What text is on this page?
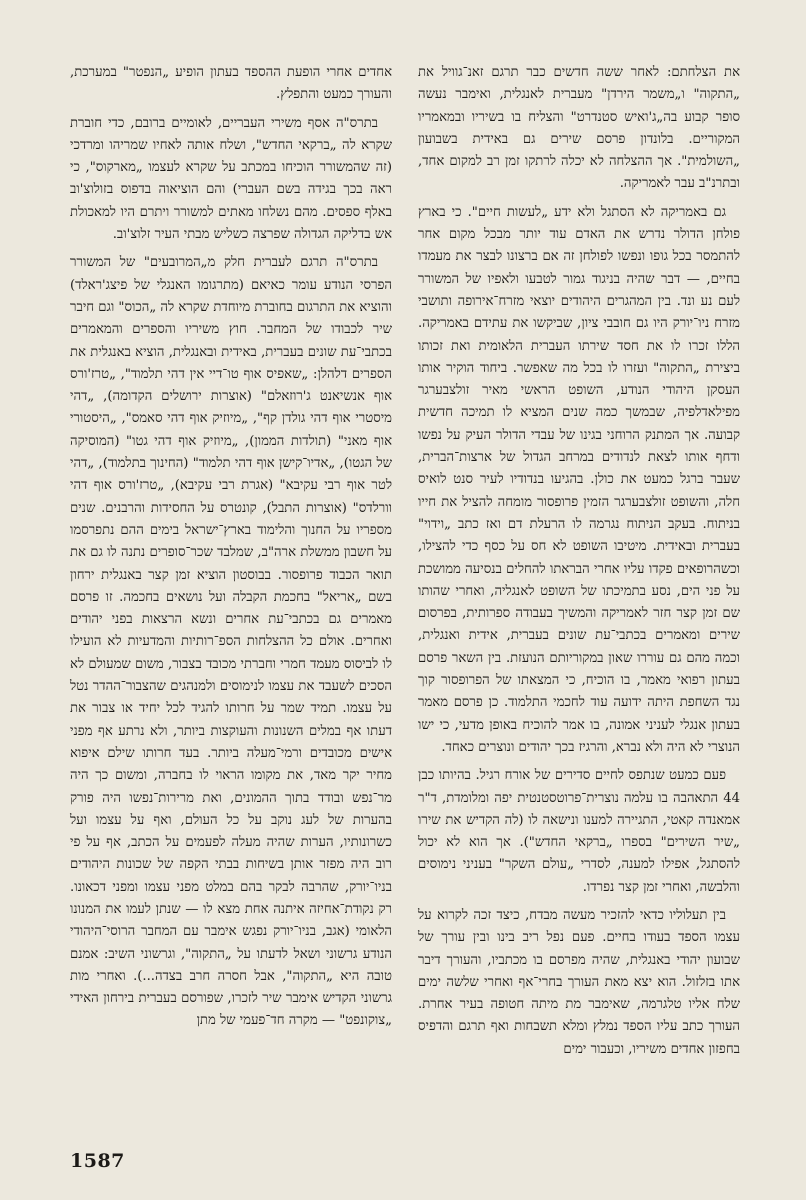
את הצלחתם: לאחר ששה חדשים כבר תרגם זאנ־גוויל את „התקוה" ו„משמר הירדן" מעברית לאנגלית, ואימבר נעשה סופר קבוע בה„ג'ואיש סטנדרט" והצליח בו בשיריו ובמאמריו המקוריים. בלונדון פרסם שירים גם באידית בשבועון „השולמית". אך ההצלחה לא יכלה לרתקו זמן רב למקום אחד, ובתרנ"ב עבר לאמריקה.

גם באמריקה לא הסתגל ולא ידע „לעשות חיים". כי בארץ פולחן הדולר נדרש את האדם עוד יותר מבכל מקום אחר להתמסר בכל גופו ונפשו לפולחן זה אם ברצונו לבצר את מעמדו בחיים, — דבר שהיה בניגוד גמור לטבעו ולאפיו של המשורר לעם נע ונד. בין המהגרים היהודים יוצאי מזרח־אירופה ותושבי מזרח ניו־יורק היו גם חובבי ציון, שביקשו את עתידם באמריקה. הללו זכרו לו את חסד שירתו העברית הלאומית ואת זכותו ביצירת „התקוה" ועזרו לו בכל מה שאפשר. ביחוד הוקיר אותו העסקן היהודי הנודע, השופט הראשי מאיר זולצבערגר מפילאדלפיה, שבמשך כמה שנים המציא לו תמיכה חדשית קבועה. אך המתנק הרוחני בגינו של עבדי הדולר העיק על נפשו ודחף אותו לצאת לנדודים במרחב הגדול של ארצות־הברית, שעבר ברגל כמעט את כולן. בהגיעו בנדודיו לעיר סנט לואיס חלה, והשופט זולצבערגר הזמין פרופסור מומחה להציל את חייו בניתוח. בעקב הניתוח נגרמה לו הרעלת דם ואז כתב „וידוי" בעברית ובאידית. מיטיבו השופט לא חס על כסף כדי להצילו, וכשהרופאים פקדו עליו אחרי הבראתו להחלים בנסיעה ממושכת על פני הים, נסע בתמיכתו של השופט לאנגליה, ואחרי שהותו שם זמן קצר חזר לאמריקה והמשיך בעבודה ספרותית, בפרסום שירים ומאמרים בכתבי־עת שונים בעברית, אידית ואנגלית, וכמה מהם גם עוררו שאון במקוריותם הנועזת. בין השאר פרסם בעתון רפואי מאמר, בו הוכיח, כי המצאתו של הפרופסור קוך נגד השחפת היתה ידועה עוד לחכמי התלמוד. כן פרסם מאמר בעתון אנגלי לעניני אמונה, בו אמר להוכיח באופן מדעי, כי ישו הנוצרי לא היה ולא נברא, והרגיז בכך יהודים ונוצרים כאחד.

פעם כמעט שנתפס לחיים סדירים של אורח רגיל. בהיותו כבן 44 התאהבה בו עלמה נוצרית־פרוטסטנטית יפה ומלומדת, ד"ר אמאנדה קאטי, התגיירה למענו ונישאה לו (לה הקדיש את שירו „שיר השירים" בספרו „ברקאי החדש"). אך הוא לא יכול להסתגל, אפילו למענה, לסדרי „עולם השקר" בעניני נימוסים והלבשה, ואחרי זמן קצר נפרדו.

בין תעלוליו כדאי להזכיר מעשה מבדח, כיצד זכה לקרוא על עצמו הספד בעודו בחיים. פעם נפל ריב בינו ובין עורך של שבועון יהודי באנגלית, שהיה מפרסם בו מכתביו, והעורך דיבר אתו בזלזול. הוא יצא מאת העורך בחרי־אף ואחרי שלשה ימים שלח אליו טלגרמה, שאימבר מת מיתה חטופה בעיר אחרת. העורך כתב עליו הספד נמלץ ומלא תשבחות ואף תרגם והדפיס בחפזון אחדים משיריו, וכעבור ימים

אחדים אחרי הופעת ההספד בעתון הופיע „הנפטר" במערכת, והעורך כמעט והתפלץ.

בתרס"ה אסף משירי העבריים, לאומיים ברובם, כדי חוברת שקרא לה „ברקאי החדש", ושלח אותה לאחיו שמריהו ומרדכי (זה שהמשורר הוכיחו במכתב על שקרא לעצמו „מארקוס", כי ראה בכך בגידה בשם העברי) והם הוציאוה בדפוס בזולוצ'וב באלף ספסים. מהם נשלחו מאתים למשורר ויתרם היו למאכולת אש בדליקה הגדולה שפרצה כשליש מבתי העיר זלוצ'וב.

בתרס"ה תרגם לעברית חלק מ„המרובעים" של המשורר הפרסי הנודע עומר כאיאם (מתרגומו האנגלי של פיצג'ראלד) והוציא את התרגום בחוברת מיוחדת שקרא לה „הכוס" וגם חיבר שיר לכבודו של המחבר. חוץ משיריו והספרים והמאמרים בכתבי־עת שונים בעברית, באידית ובאנגלית, הוציא באנגלית את הספרים דלהלן: „שאפיס אוף טו־דיי אין דהי תלמוד", „טרז'ורס אוף אנשיאנט ג'רוזאלם" (אוצרות ירושלים הקדומה), „דהי מיסטרי אוף דהי גולדן קף", „מיוזיק אוף דהי סאמס", „היסטורי אוף מאני" (תולדות הממון), „מיוזיק אוף דהי גטו" (המוסיקה של הגטו), „אדיו־קישן אוף דהי תלמוד" (החינוך בתלמוד), „דהי לטר אוף רבי עקיבא" (אגרת רבי עקיבא), „טרז'ורס אוף דהי וורלדס" (אוצרות התבל), קונטרס על החסידות והרבנים. שנים מספריו על החנוך והלימוד בארץ־ישראל בימים ההם נתפרסמו על חשבון ממשלת ארה"ב, שמלבד שכר־סופרים נתנה לו גם את תואר הכבוד פרופסור. בבוסטון הוציא זמן קצר באנגלית ירחון בשם „אריאל" בחכמת הקבלה ועל נושאים בחכמה. זו פרסם מאמרים גם בכתבי־עת אחרים ונשא הרצאות בפני יהודים ואחרים. אולם כל ההצלחות הספ־רותיות והמדעיות לא הועילו לו לביסוס מעמד חמרי וחברתי מכובד בצבור, משום שמעולם לא הסכים לשעבד את עצמו לנימוסים ולמנהגים שהצבור־ההדר נטל על עצמו. תמיד שמר על חרותו להגיד לכל יחיד או צבור את דעתו אף במלים השנונות והעוקצות ביותר, ולא נרתע אף מפני אישים מכובדים ורמי־מעלה ביותר. בעד חרותו שילם איפוא מחיר יקר מאד, את מקומו הראוי לו בחברה, ומשום כך היה מר־נפש ובודד בתוך ההמונים, ואת מרירות־נפשו היה פורק בהערות של לעג נוקב על כל העולם, ואף על עצמו ועל כשרונותיו, הערות שהיה מעלה לפעמים על הכתב, אף על פי רוב היה מפזר אותן בשיחות בבתי הקפה של שכונות היהודים בניו־יורק, שהרבה לבקר בהם במלט מפני עצמו ומפני דכאונו. רק נקודת־אחיזה איתנה אחת מצא לו — שנתן לעמו את המנונו הלאומי (אגב, בניו־יורק נפגש אימבר עם המחבר הרוסי־היהודי הנודע גרשוני ושאל לדעתו על „התקוה", וגרשוני השיב: אמנם טובה היא „התקוה", אבל חסרה חרב בצדה...). ואחרי מות גרשוני הקדיש אימבר שיר לזכרו, שפורסם בעברית בירחון האידי „צוקונפט" — מקרה חד־פעמי של מתן

1587
